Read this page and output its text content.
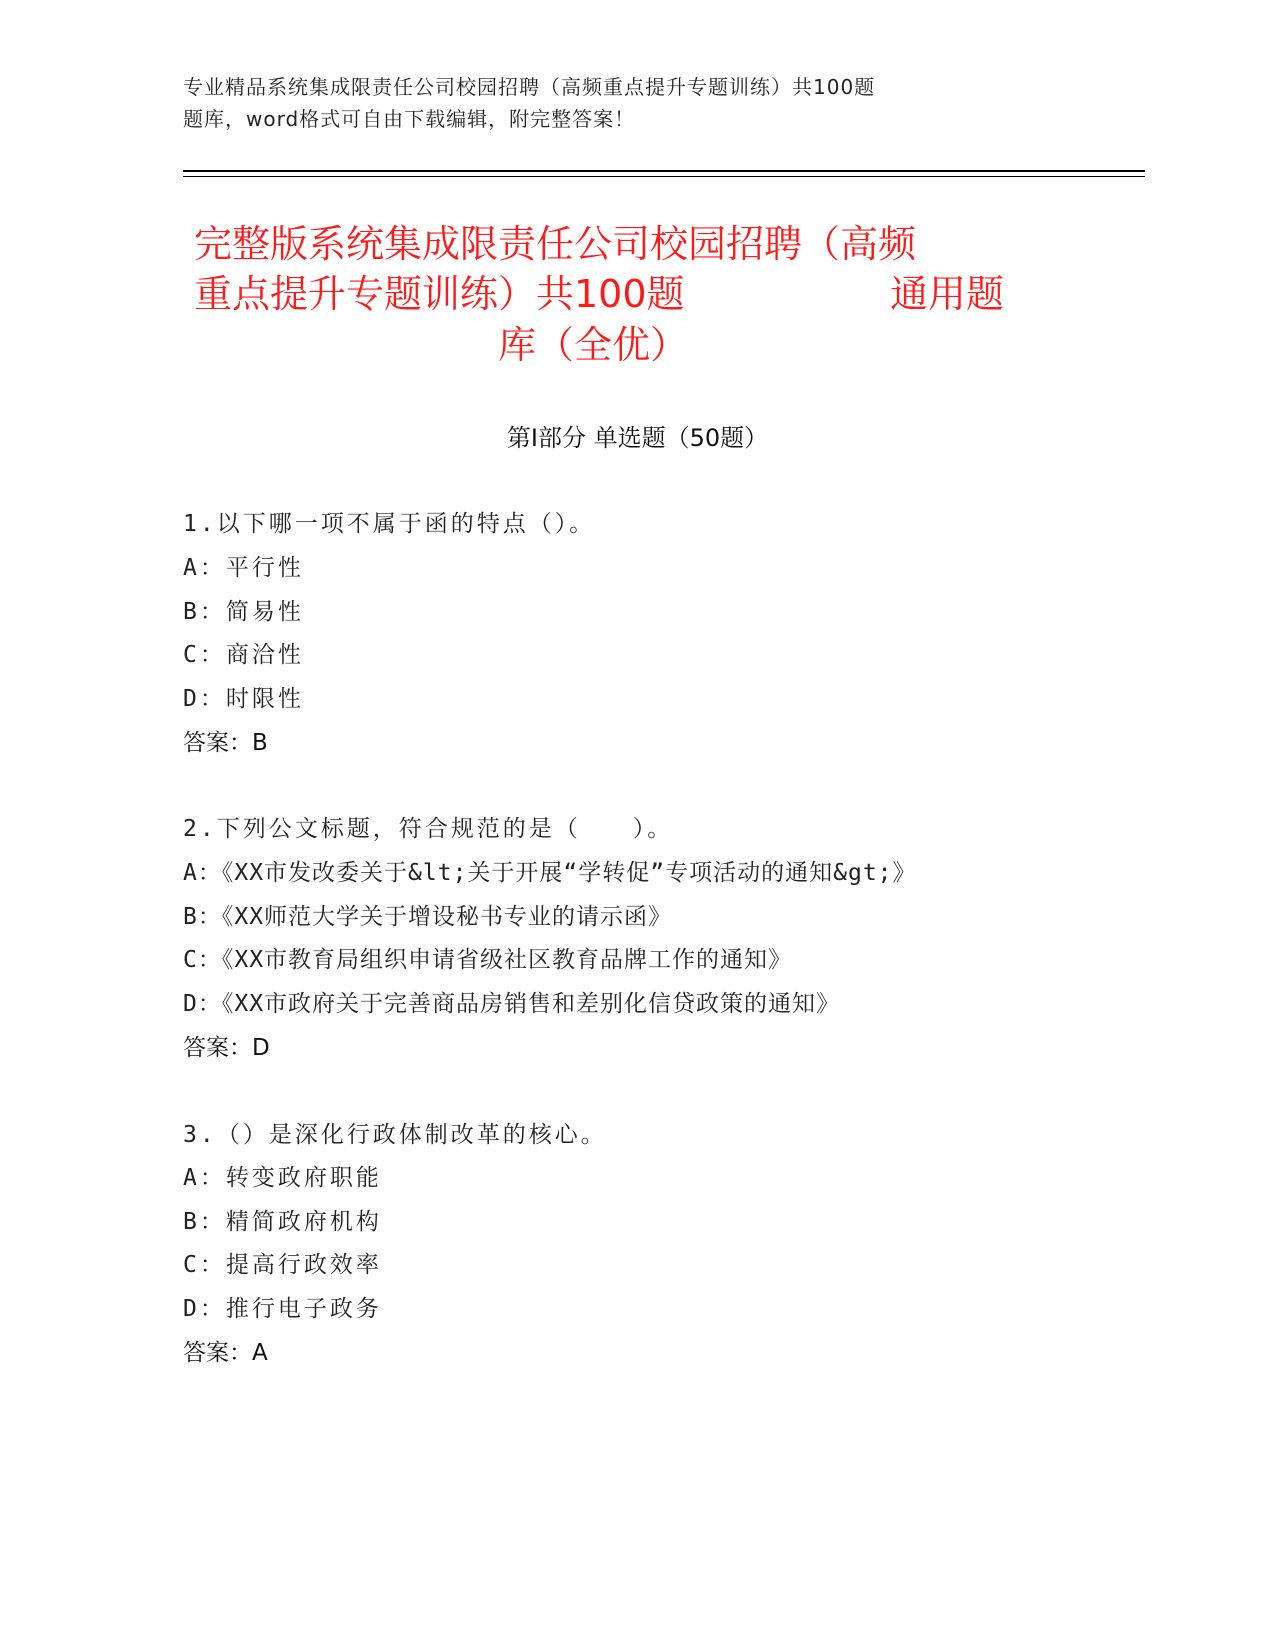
专业精品系统集成限责任公司校园招聘（高频重点提升专题训练）共100题
题库，word格式可自由下载编辑，附完整答案！
完整版系统集成限责任公司校园招聘（高频
重点提升专题训练）共100题	通用题
库（全优）
第Ⅰ部分 单选题（50题）
1.以下哪一项不属于函的特点（）。
A：平行性
B：简易性
C：商洽性
D：时限性
答案：B
2.下列公文标题，符合规范的是（　　）。
A：《XX市发改委关于&lt;关于开展“学转促”专项活动的通知&gt;》
B：《XX师范大学关于增设秘书专业的请示函》
C：《XX市教育局组织申请省级社区教育品牌工作的通知》
D：《XX市政府关于完善商品房销售和差别化信贷政策的通知》
答案：D
3.（）是深化行政体制改革的核心。
A：转变政府职能
B：精简政府机构
C：提高行政效率
D：推行电子政务
答案：A
